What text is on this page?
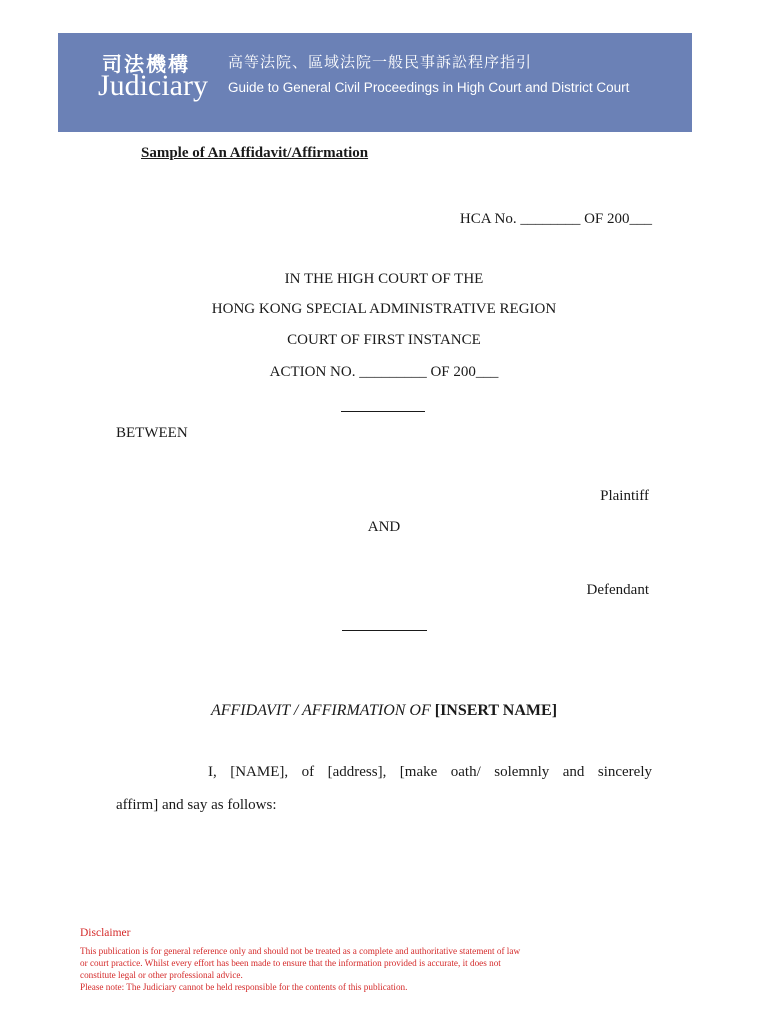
司法機構
Judiciary
高等法院、區域法院一般民事訴訟程序指引
Guide to General Civil Proceedings in High Court and District Court
Sample of An Affidavit/Affirmation
HCA No. ________ OF 200___
IN THE HIGH COURT OF THE
HONG KONG SPECIAL ADMINISTRATIVE REGION
COURT OF FIRST INSTANCE
ACTION NO. _________ OF 200___
BETWEEN
Plaintiff
AND
Defendant
AFFIDAVIT / AFFIRMATION OF [INSERT NAME]
I, [NAME], of [address], [make oath/ solemnly and sincerely
affirm] and say as follows:
Disclaimer
This publication is for general reference only and should not be treated as a complete and authoritative statement of law
or court practice. Whilst every effort has been made to ensure that the information provided is accurate, it does not
constitute legal or other professional advice.
Please note: The Judiciary cannot be held responsible for the contents of this publication.
